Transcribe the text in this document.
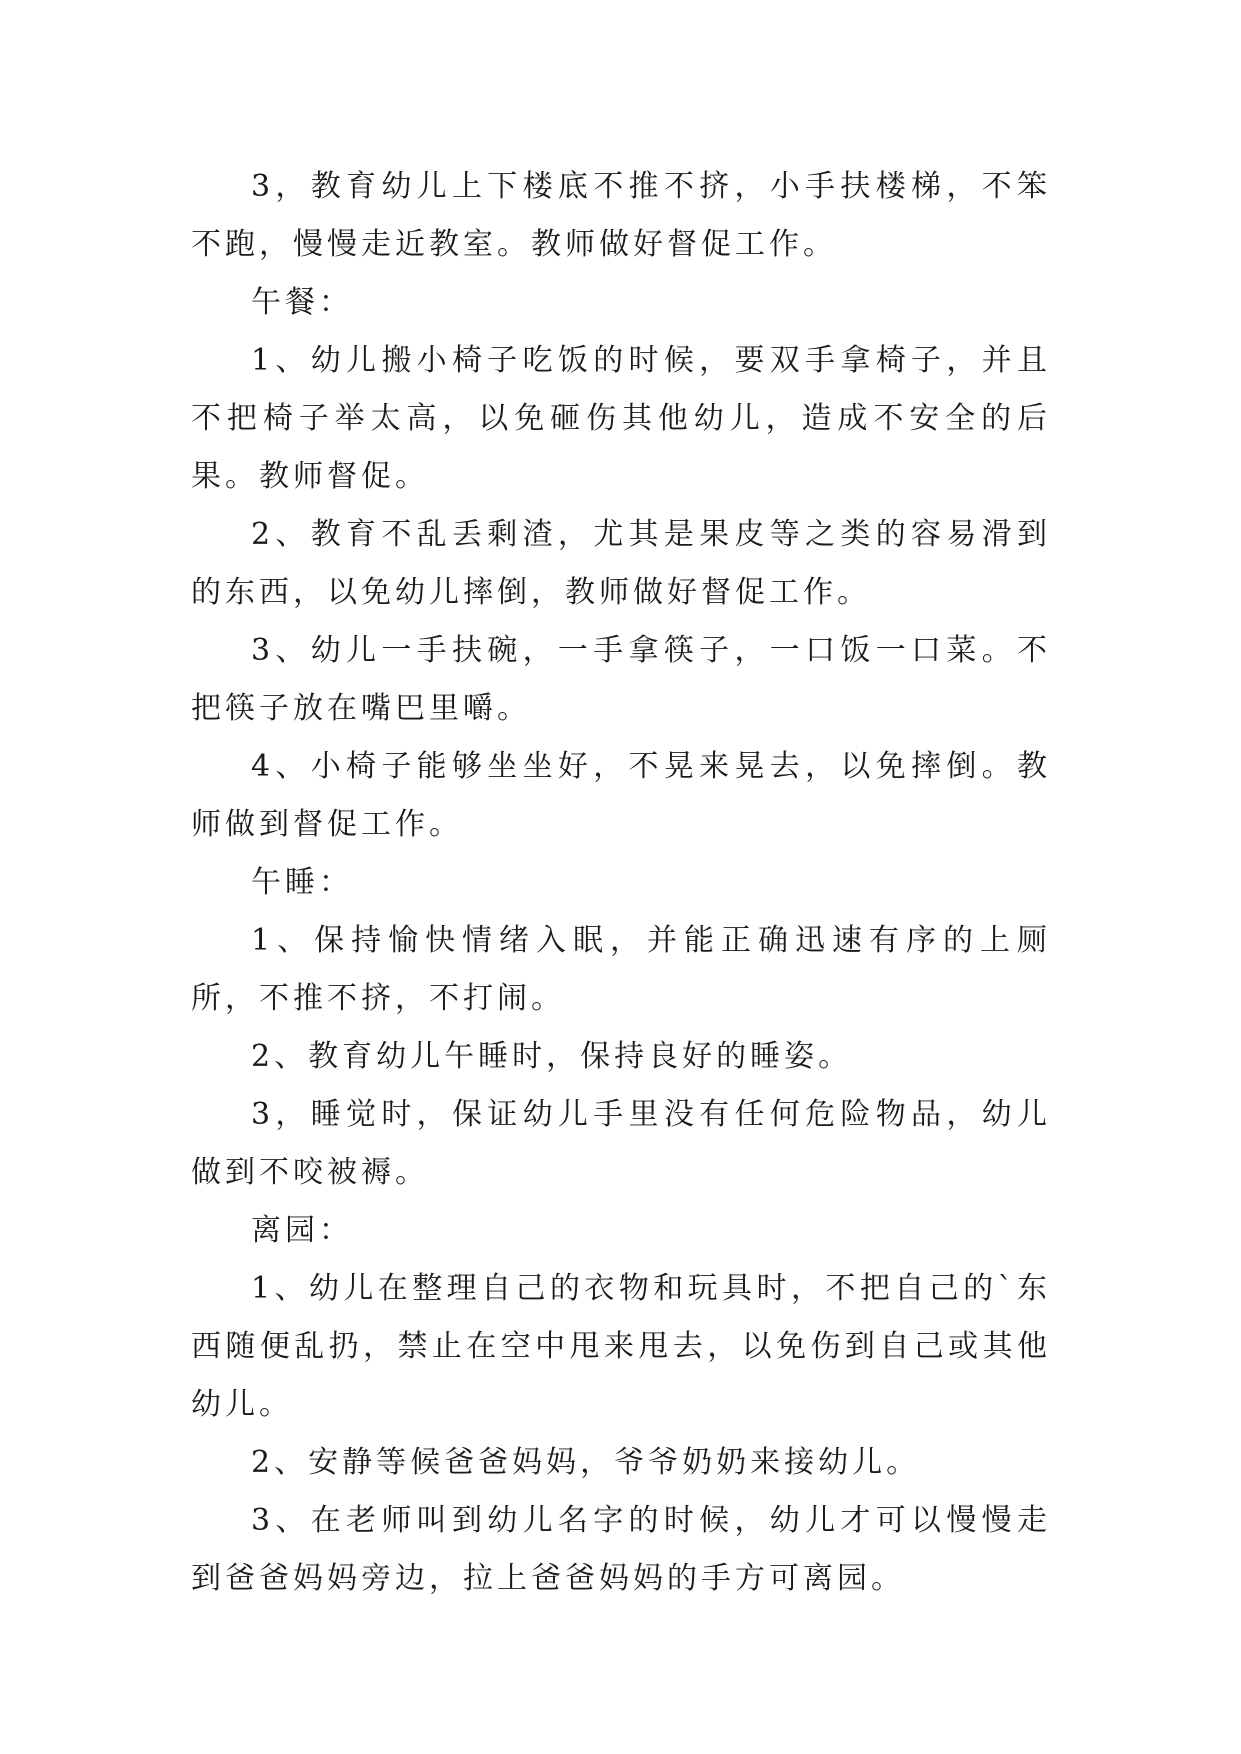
3，教育幼儿上下楼底不推不挤，小手扶楼梯，不笨不跑，慢慢走近教室。教师做好督促工作。

午餐：

1、幼儿搬小椅子吃饭的时候，要双手拿椅子，并且不把椅子举太高，以免砸伤其他幼儿，造成不安全的后果。教师督促。

2、教育不乱丢剩渣，尤其是果皮等之类的容易滑到的东西，以免幼儿摔倒，教师做好督促工作。

3、幼儿一手扶碗，一手拿筷子，一口饭一口菜。不把筷子放在嘴巴里嚼。

4、小椅子能够坐坐好，不晃来晃去，以免摔倒。教师做到督促工作。

午睡：

1、保持愉快情绪入眠，并能正确迅速有序的上厕所，不推不挤，不打闹。

2、教育幼儿午睡时，保持良好的睡姿。

3，睡觉时，保证幼儿手里没有任何危险物品，幼儿做到不咬被褥。

离园：

1、幼儿在整理自己的衣物和玩具时，不把自己的`东西随便乱扔，禁止在空中甩来甩去，以免伤到自己或其他幼儿。

2、安静等候爸爸妈妈，爷爷奶奶来接幼儿。

3、在老师叫到幼儿名字的时候，幼儿才可以慢慢走到爸爸妈妈旁边，拉上爸爸妈妈的手方可离园。
